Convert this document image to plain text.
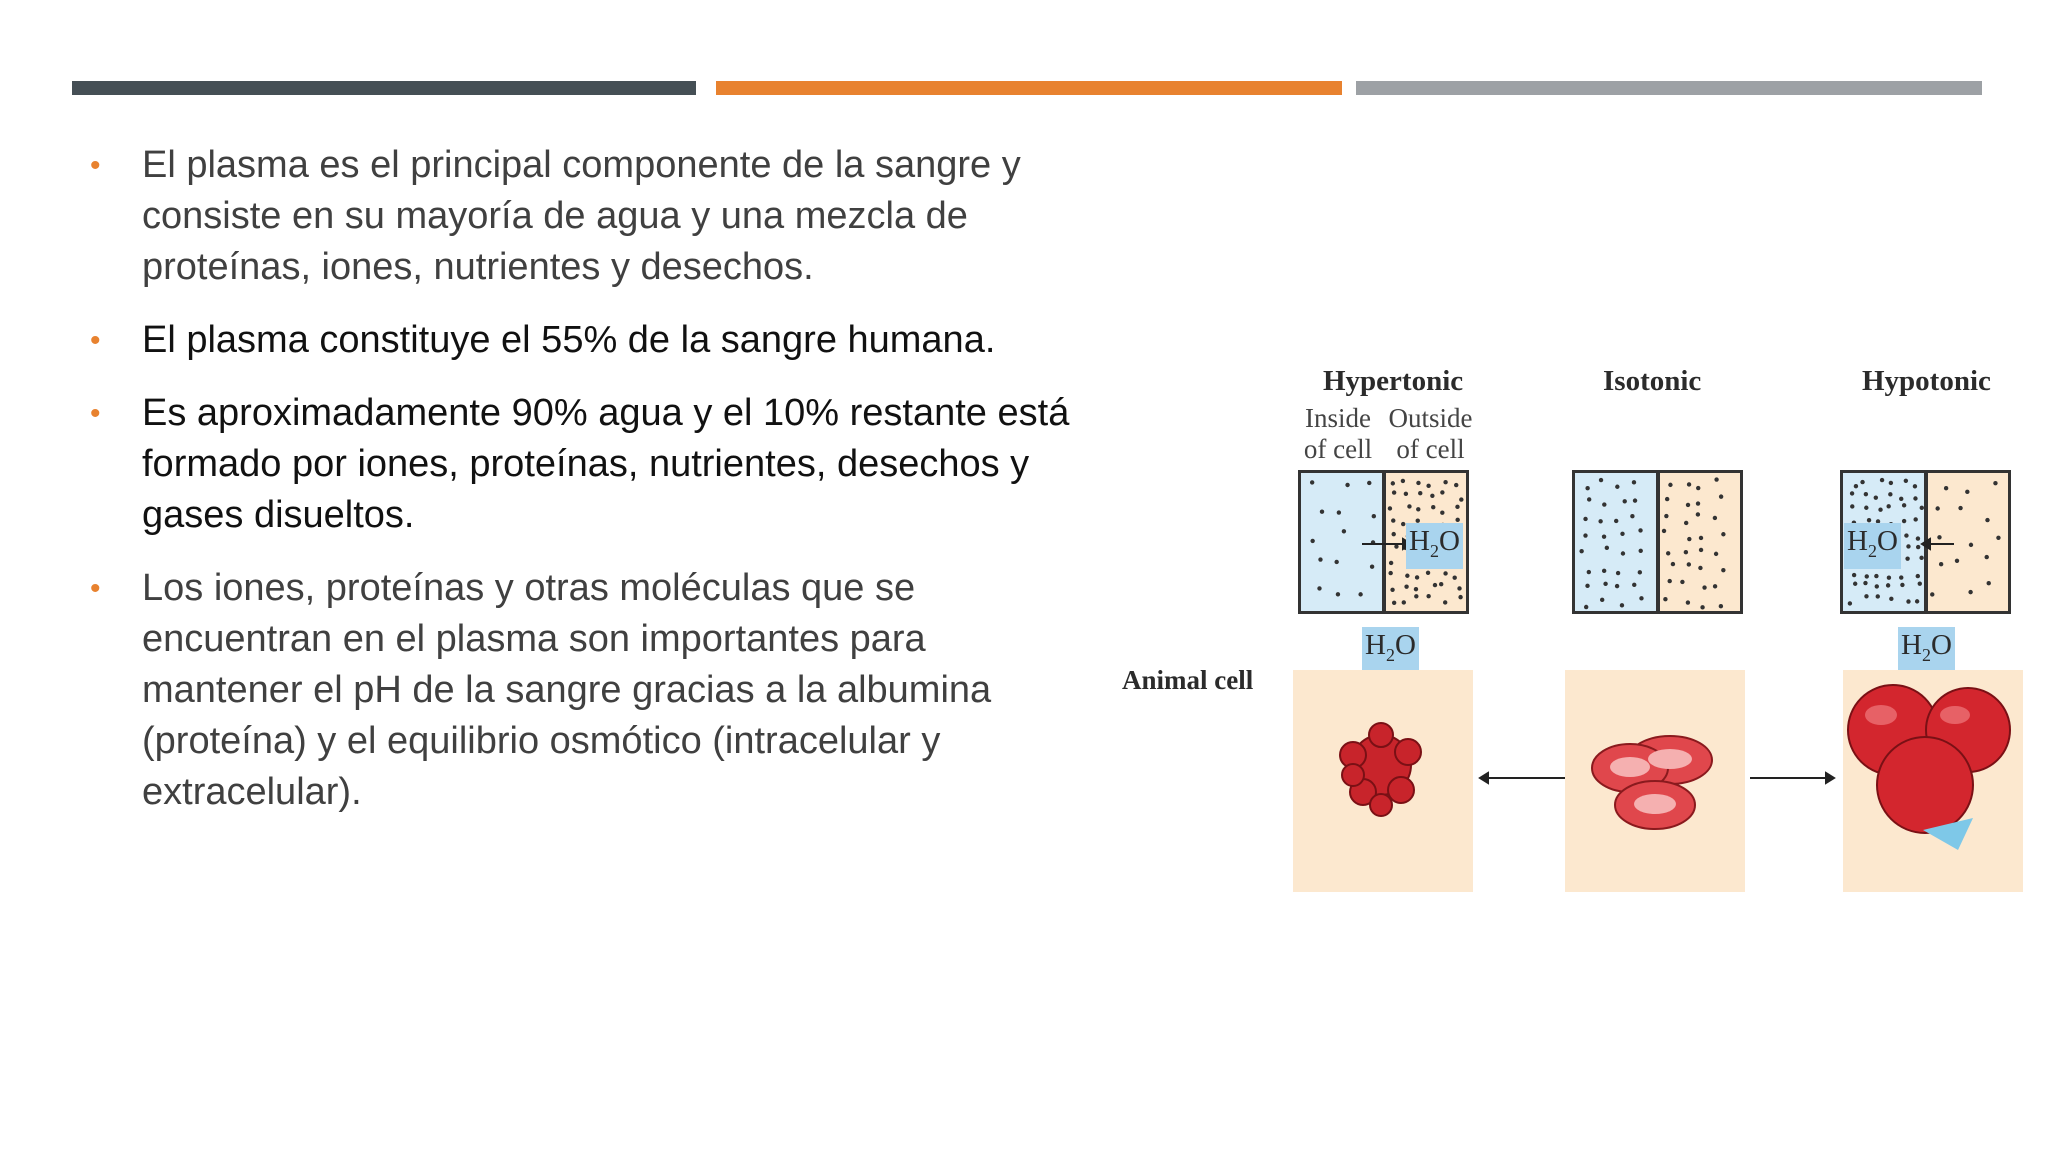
• El plasma es el principal componente de la sangre y consiste en su mayoría de agua y una mezcla de proteínas, iones, nutrientes y desechos.
• El plasma constituye el 55% de la sangre humana.
• Es aproximadamente 90% agua y el 10% restante está formado por iones, proteínas, nutrientes, desechos y gases disueltos.
• Los iones, proteínas y otras moléculas que se encuentran en el plasma son importantes para mantener el pH de la sangre gracias a la albumina (proteína) y el equilibrio osmótico (intracelular y extracelular).
Hypertonic	Isotonic	Hypotonic
Inside of cell
Outside of cell
$H_2O$	$H_2O$
$H_2O$	$H_2O$
Animal cell
